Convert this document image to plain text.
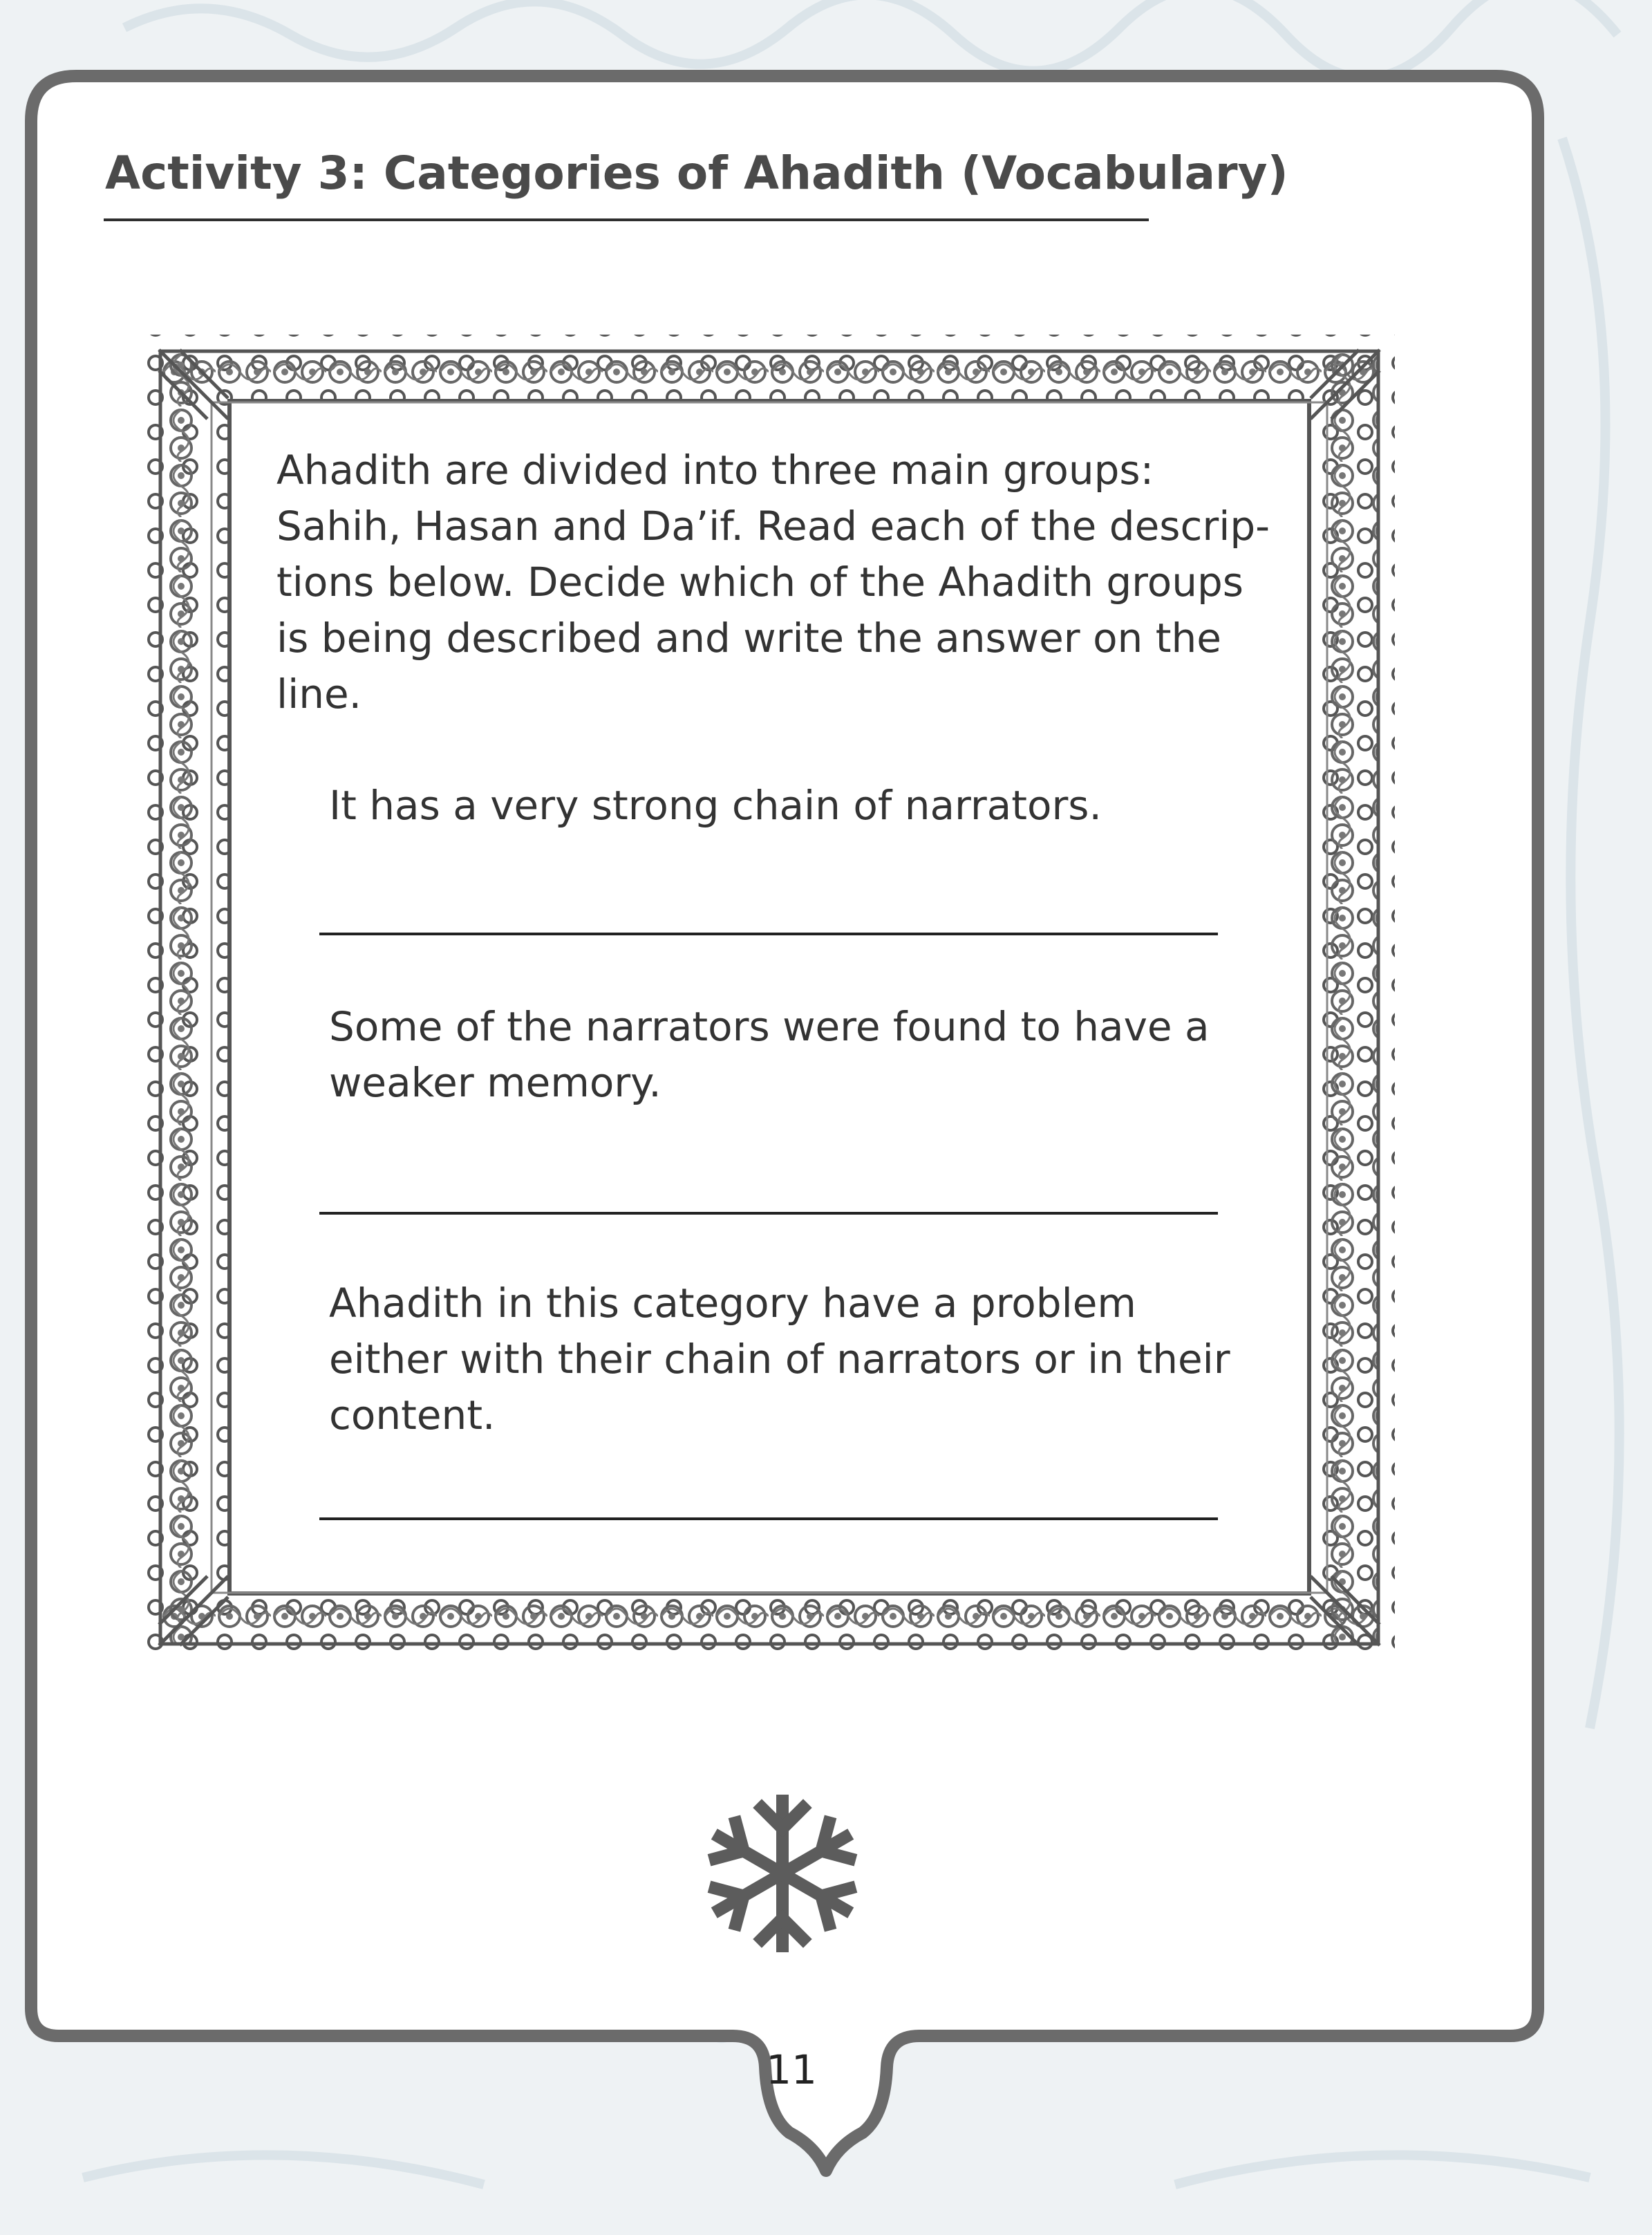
Activity 3: Categories of Ahadith (Vocabulary)
Ahadith are divided into three main groups:
Sahih, Hasan and Da’if. Read each of the descrip-
tions below. Decide which of the Ahadith groups
is being described and write the answer on the
line.
It has a very strong chain of narrators.
Some of the narrators were found to have a
weaker memory.
Ahadith in this category have a problem
either with their chain of narrators or in their
content.
11
